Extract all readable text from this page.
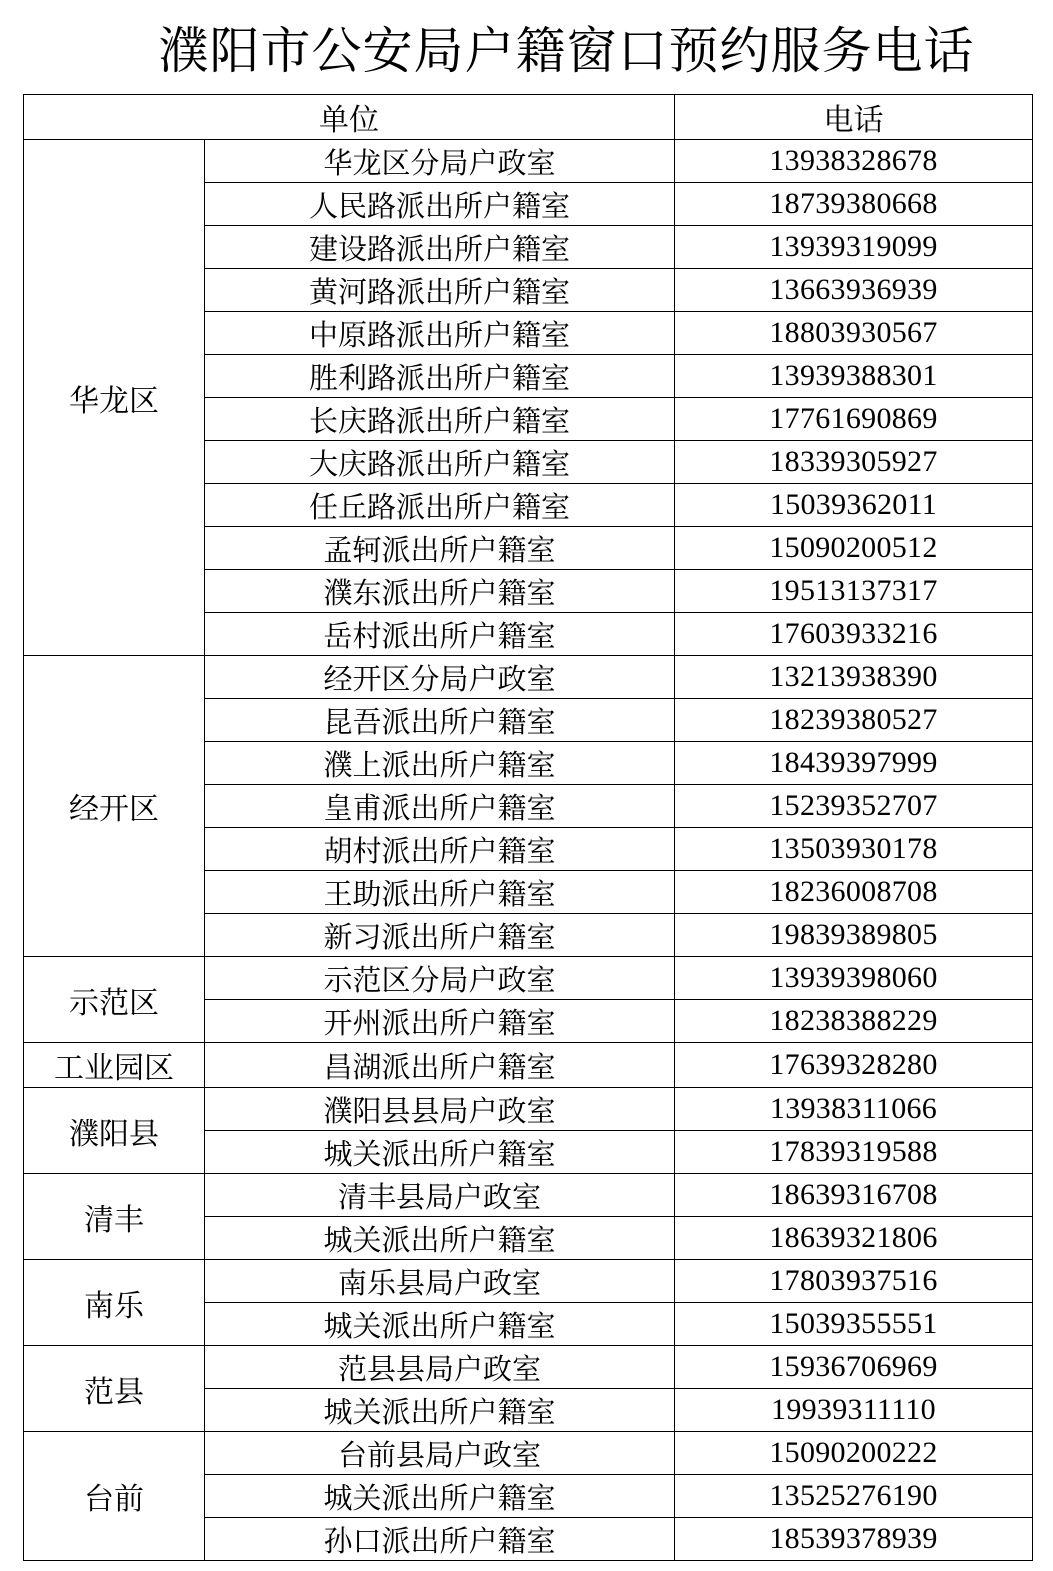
濮阳市公安局户籍窗口预约服务电话
单位		电话
华龙区	华龙区分局户政室	13938328678
	人民路派出所户籍室	18739380668
	建设路派出所户籍室	13939319099
	黄河路派出所户籍室	13663936939
	中原路派出所户籍室	18803930567
	胜利路派出所户籍室	13939388301
	长庆路派出所户籍室	17761690869
	大庆路派出所户籍室	18339305927
	任丘路派出所户籍室	15039362011
	孟轲派出所户籍室	15090200512
	濮东派出所户籍室	19513137317
	岳村派出所户籍室	17603933216
经开区	经开区分局户政室	13213938390
	昆吾派出所户籍室	18239380527
	濮上派出所户籍室	18439397999
	皇甫派出所户籍室	15239352707
	胡村派出所户籍室	13503930178
	王助派出所户籍室	18236008708
	新习派出所户籍室	19839389805
示范区	示范区分局户政室	13939398060
	开州派出所户籍室	18238388229
工业园区	昌湖派出所户籍室	17639328280
濮阳县	濮阳县县局户政室	13938311066
	城关派出所户籍室	17839319588
清丰	清丰县局户政室	18639316708
	城关派出所户籍室	18639321806
南乐	南乐县局户政室	17803937516
	城关派出所户籍室	15039355551
范县	范县县局户政室	15936706969
	城关派出所户籍室	19939311110
台前	台前县局户政室	15090200222
	城关派出所户籍室	13525276190
	孙口派出所户籍室	18539378939
